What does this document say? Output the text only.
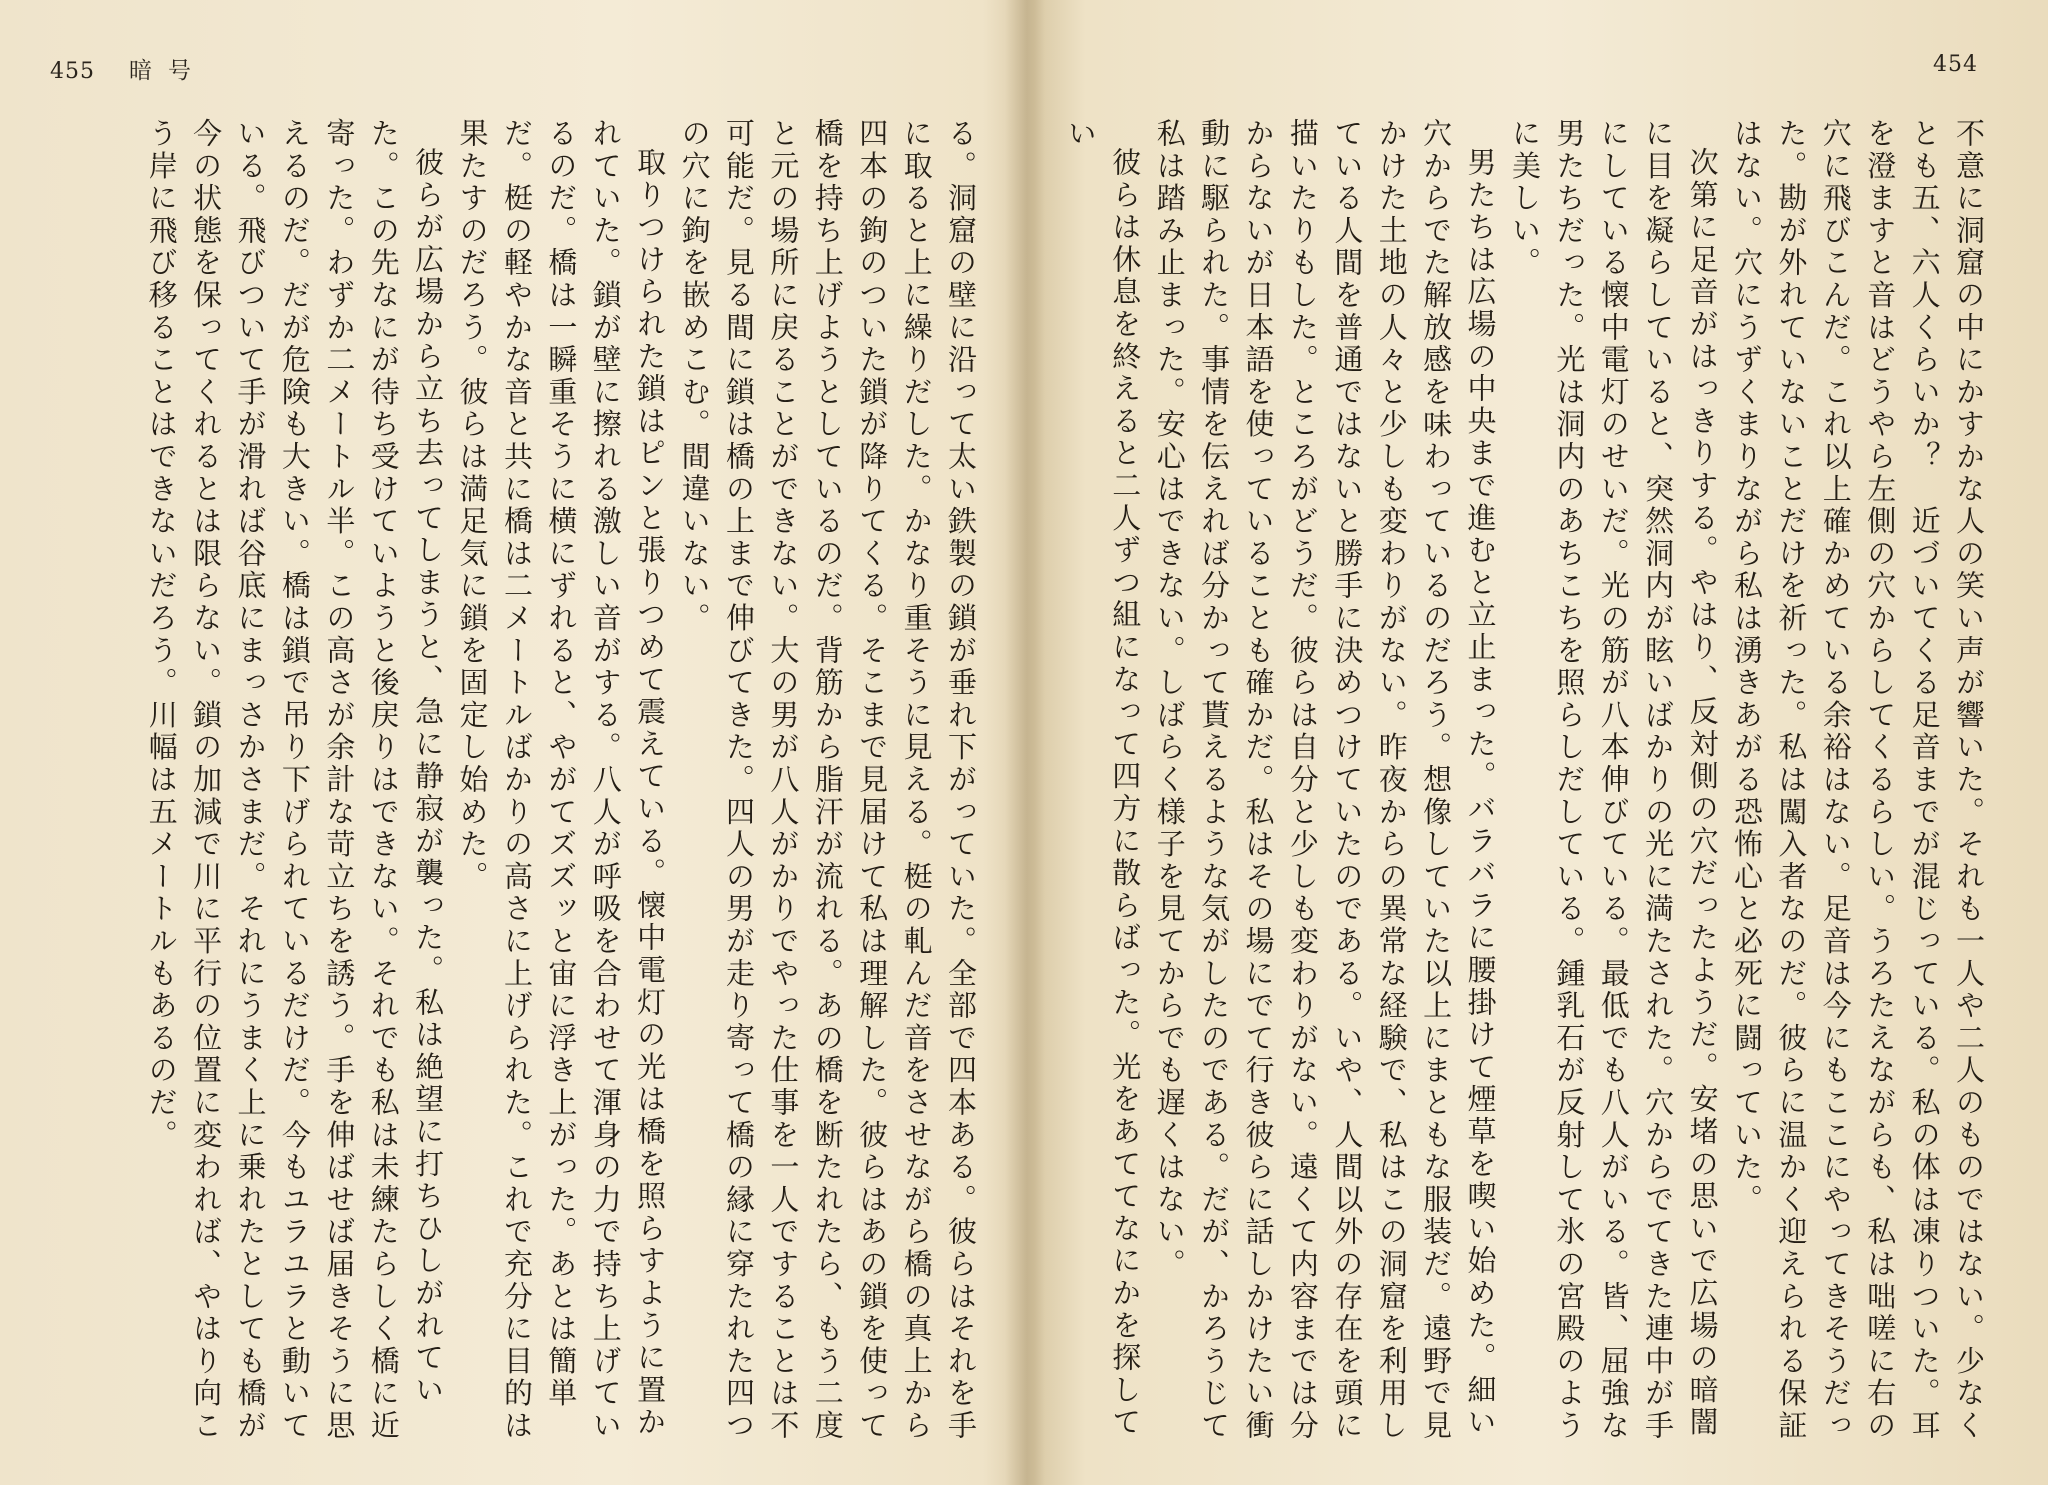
455 暗号

る。洞窟の壁に沿って太い鉄製の鎖が垂れ下がっていた。全部で四本ある。彼らはそれを手に取ると上に繰りだした。かなり重そうに見える。梃の軋んだ音をさせながら橋の真上から四本の鉤のついた鎖が降りてくる。そこまで見届けて私は理解した。彼らはあの鎖を使って橋を持ち上げようとしているのだ。背筋から脂汗が流れる。あの橋を断たれたら、もう二度と元の場所に戻ることができない。大の男が八人がかりでやった仕事を一人ですることは不可能だ。見る間に鎖は橋の上まで伸びてきた。四人の男が走り寄って橋の縁に穿たれた四つの穴に鉤を嵌めこむ。間違いない。

取りつけられた鎖はピンと張りつめて震えている。懐中電灯の光は橋を照らすように置かれていた。鎖が壁に擦れる激しい音がする。八人が呼吸を合わせて渾身の力で持ち上げているのだ。橋は一瞬重そうに横にずれると、やがてズズッと宙に浮き上がった。あとは簡単だ。梃の軽やかな音と共に橋は二メートルばかりの高さに上げられた。これで充分に目的は果たすのだろう。彼らは満足気に鎖を固定し始めた。

彼らが広場から立ち去ってしまうと、急に静寂が襲った。私は絶望に打ちひしがれていた。この先なにが待ち受けていようと後戻りはできない。それでも私は未練たらしく橋に近寄った。わずか二メートル半。この高さが余計な苛立ちを誘う。手を伸ばせば届きそうに思えるのだ。だが危険も大きい。橋は鎖で吊り下げられているだけだ。今もユラユラと動いている。飛びついて手が滑れば谷底にまっさかさまだ。それにうまく上に乗れたとしても橋が今の状態を保ってくれるとは限らない。鎖の加減で川に平行の位置に変われば、やはり向こう岸に飛び移ることはできないだろう。川幅は五メートルもあるのだ。

454

不意に洞窟の中にかすかな人の笑い声が響いた。それも一人や二人のものではない。少なくとも五、六人くらいか？　近づいてくる足音までが混じっている。私の体は凍りついた。耳を澄ますと音はどうやら左側の穴からしてくるらしい。うろたえながらも、私は咄嗟に右の穴に飛びこんだ。これ以上確かめている余裕はない。足音は今にもここにやってきそうだった。勘が外れていないことだけを祈った。私は闖入者なのだ。彼らに温かく迎えられる保証はない。穴にうずくまりながら私は湧きあがる恐怖心と必死に闘っていた。

次第に足音がはっきりする。やはり、反対側の穴だったようだ。安堵の思いで広場の暗闇に目を凝らしていると、突然洞内が眩いばかりの光に満たされた。穴からでてきた連中が手にしている懐中電灯のせいだ。光の筋が八本伸びている。最低でも八人がいる。皆、屈強な男たちだった。光は洞内のあちこちを照らしだしている。鍾乳石が反射して氷の宮殿のように美しい。

男たちは広場の中央まで進むと立止まった。バラバラに腰掛けて煙草を喫い始めた。細い穴からでた解放感を味わっているのだろう。想像していた以上にまともな服装だ。遠野で見かけた土地の人々と少しも変わりがない。昨夜からの異常な経験で、私はこの洞窟を利用している人間を普通ではないと勝手に決めつけていたのである。いや、人間以外の存在を頭に描いたりもした。ところがどうだ。彼らは自分と少しも変わりがない。遠くて内容までは分からないが日本語を使っていることも確かだ。私はその場にでて行き彼らに話しかけたい衝動に駆られた。事情を伝えれば分かって貰えるような気がしたのである。だが、かろうじて私は踏み止まった。安心はできない。しばらく様子を見てからでも遅くはない。

彼らは休息を終えると二人ずつ組になって四方に散らばった。光をあててなにかを探してい
